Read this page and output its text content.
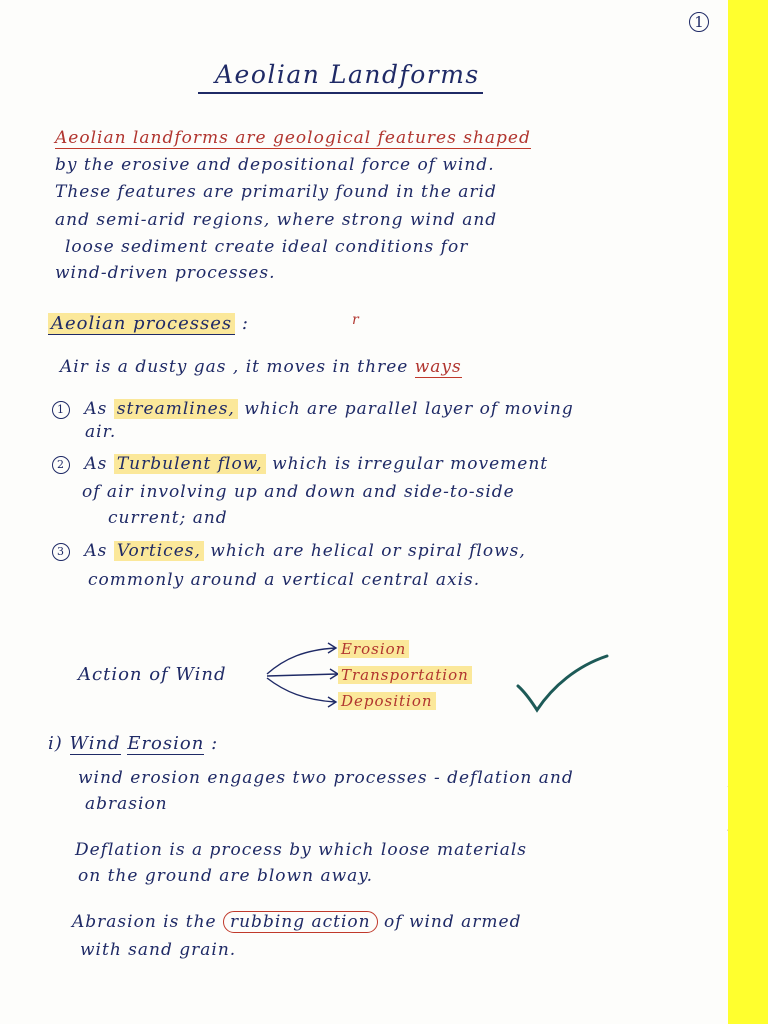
1
Aeolian Landforms
Aeolian landforms are geological features shaped
by the erosive and depositional force of wind.
These features are primarily found in the arid
and semi-arid regions, where strong wind and
loose sediment create ideal conditions for
wind-driven processes.
Aeolian processes :	r
Air is a dusty gas , it moves in three ways
1 As streamlines, which are parallel layer of moving
air.
2 As Turbulent flow, which is irregular movement
of air involving up and down and side-to-side
current; and
3 As Vortices, which are helical or spiral flows,
commonly around a vertical central axis.
Action of Wind
Erosion
Transportation
Deposition
i) Wind Erosion :
wind erosion engages two processes - deflation and
abrasion
Deflation is a process by which loose materials
on the ground are blown away.
Abrasion is the rubbing action of wind armed
with sand grain.
